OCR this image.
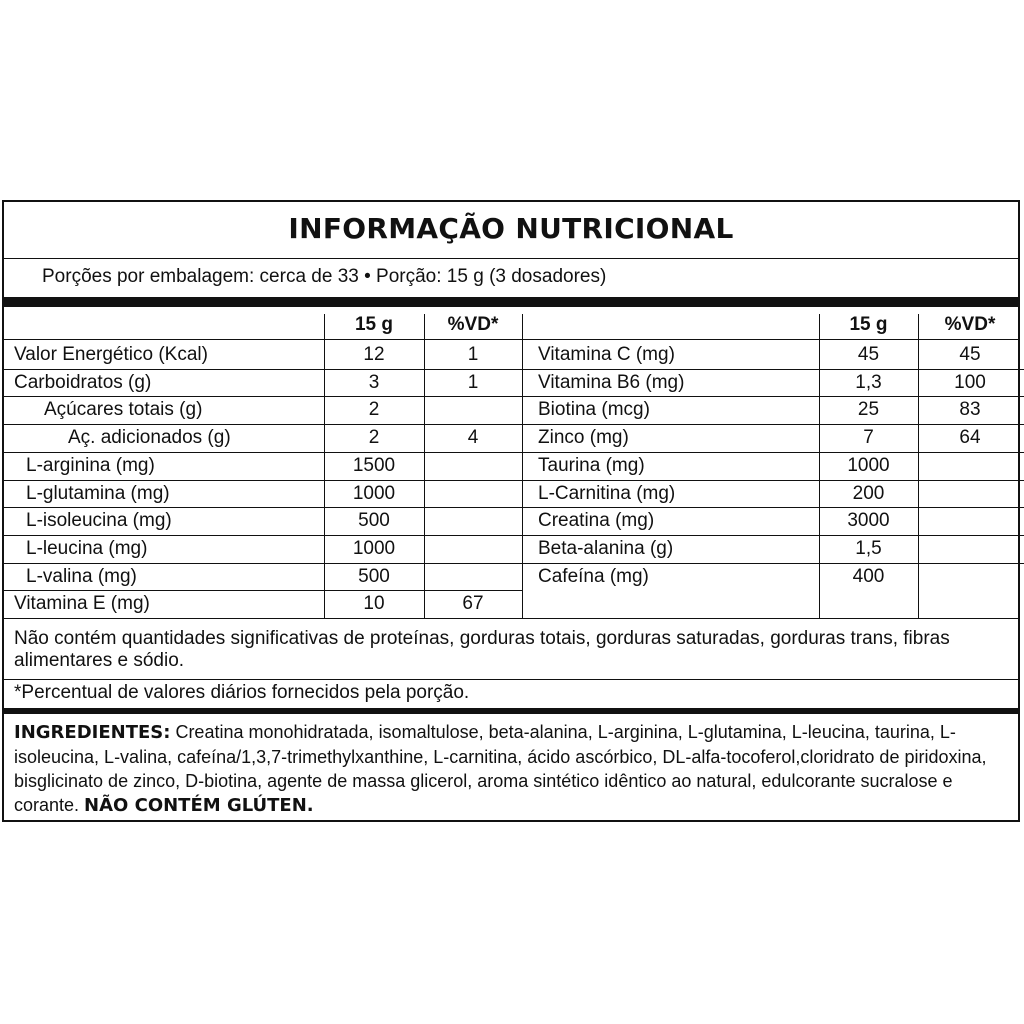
INFORMAÇÃO NUTRICIONAL
Porções por embalagem: cerca de 33 • Porção: 15 g (3 dosadores)
15 g	%VD*	15 g	%VD*
Valor Energético (Kcal)	12	1
Carboidratos (g)	3	1
Açúcares totais (g)	2
Aç. adicionados (g)	2	4
L-arginina (mg)	1500
L-glutamina (mg)	1000
L-isoleucina (mg)	500
L-leucina (mg)	1000
L-valina (mg)	500
Vitamina E (mg)	10	67
Vitamina C (mg)	45	45
Vitamina B6 (mg)	1,3	100
Biotina (mcg)	25	83
Zinco (mg)	7	64
Taurina (mg)	1000
L-Carnitina (mg)	200
Creatina (mg)	3000
Beta-alanina (g)	1,5
Cafeína (mg)	400
Não contém quantidades significativas de proteínas, gorduras totais, gorduras saturadas, gorduras trans, fibras alimentares e sódio.
*Percentual de valores diários fornecidos pela porção.
INGREDIENTES: Creatina monohidratada, isomaltulose, beta-alanina, L-arginina, L-glutamina, L-leucina, taurina, L-isoleucina, L-valina, cafeína/1,3,7-trimethylxanthine, L-carnitina, ácido ascórbico, DL-alfa-tocoferol,cloridrato de piridoxina, bisglicinato de zinco, D-biotina, agente de massa glicerol, aroma sintético idêntico ao natural, edulcorante sucralose e corante. NÃO CONTÉM GLÚTEN.
